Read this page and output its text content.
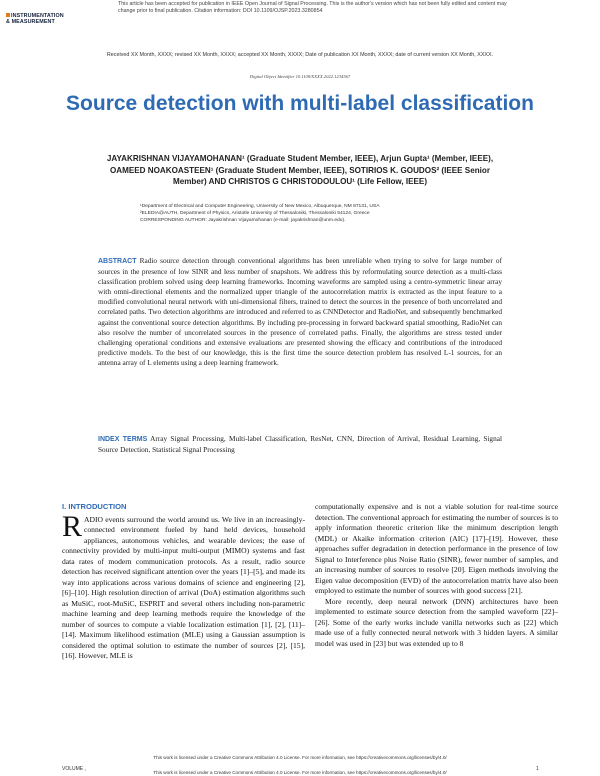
INSTRUMENTATION
& MEASUREMENT
This article has been accepted for publication in IEEE Open Journal of Signal Processing. This is the author's version which has not been fully edited and content may change prior to final publication. Citation information: DOI 10.1109/OJSP.2023.3280854
Received XX Month, XXXX; revised XX Month, XXXX; accepted XX Month, XXXX; Date of publication XX Month, XXXX; date of current version XX Month, XXXX.
Digital Object Identifier 10.1109/XXXX.2022.1234567
Source detection with multi-label classification
JAYAKRISHNAN VIJAYAMOHANAN¹ (Graduate Student Member, IEEE), Arjun Gupta¹ (Member, IEEE), OAMEED NOAKOASTEEN¹ (Graduate Student Member, IEEE), SOTIRIOS K. GOUDOS² (IEEE Senior Member) AND CHRISTOS G CHRISTODOULOU¹ (Life Fellow, IEEE)
¹Department of Electrical and Computer Engineering, University of New Mexico, Albuquerque, NM 87131, USA
²ELEDIA@AUTH, Department of Physics, Aristotle University of Thessaloniki, Thessaloniki 54124, Greece
CORRESPONDING AUTHOR: Jayakrishnan Vijayamohanan (e-mail: jayakrishnan@unm.edu).
ABSTRACT Radio source detection through conventional algorithms has been unreliable when trying to solve for large number of sources in the presence of low SINR and less number of snapshots. We address this by reformulating source detection as a multi-class classification problem solved using deep learning frameworks. Incoming waveforms are sampled using a centro-symmetric linear array with omni-directional elements and the normalized upper triangle of the autocorrelation matrix is extracted as the input feature to a modified convolutional neural network with uni-dimensional filters, trained to detect the sources in the presence of both uncorrelated and correlated paths. Two detection algorithms are introduced and referred to as CNNDetector and RadioNet, and subsequently benchmarked against the conventional source detection algorithms. By including pre-processing in forward backward spatial smoothing, RadioNet can also resolve the number of uncorrelated sources in the presence of correlated paths. Finally, the algorithms are stress tested under challenging operational conditions and extensive evaluations are presented showing the efficacy and contributions of the introduced predictive models. To the best of our knowledge, this is the first time the source detection problem has resolved L-1 sources, for an antenna array of L elements using a deep learning framework.
INDEX TERMS Array Signal Processing, Multi-label Classification, ResNet, CNN, Direction of Arrival, Residual Learning, Signal Source Detection, Statistical Signal Processing
I. INTRODUCTION

RADIO events surround the world around us. We live in an increasingly-connected environment fueled by hand held devices, household appliances, autonomous vehicles, and wearable devices; the ease of connectivity provided by multi-input multi-output (MIMO) systems and fast data rates of modern communication protocols. As a result, radio source detection has received significant attention over the years [1]–[5], and made its way into applications across various domains of science and engineering [2], [6]–[10]. High resolution direction of arrival (DoA) estimation algorithms such as MuSiC, root-MuSiC, ESPRIT and several others including non-parametric machine learning and deep learning methods require the knowledge of the number of sources to compute a viable localization estimation [1], [2], [11]–[14]. Maximum likelihood estimation (MLE) using a Gaussian assumption is considered the optimal solution to estimate the number of sources [2], [15], [16]. However, MLE is

computationally expensive and is not a viable solution for real-time source detection. The conventional approach for estimating the number of sources is to apply information theoretic criterion like the minimum description length (MDL) or Akaike information criterion (AIC) [17]–[19]. However, these approaches suffer degradation in detection performance in the presence of low Signal to Interference plus Noise Ratio (SINR), fewer number of samples, and an increasing number of sources to resolve [20]. Eigen methods involving the Eigen value decomposition (EVD) of the autocorrelation matrix have also been employed to estimate the number of sources with good success [21].

More recently, deep neural network (DNN) architectures have been implemented to estimate source detection from the sampled waveform [22]–[26]. Some of the early works include vanilla networks such as [22] which made use of a fully connected neural network with 3 hidden layers. A similar model was used in [23] but was extended up to 8

This work is licensed under a Creative Commons Attribution 4.0 License. For more information, see https://creativecommons.org/licenses/by/4.0/
VOLUME ,	1
This work is licensed under a Creative Commons Attribution 4.0 License. For more information, see https://creativecommons.org/licenses/by/4.0/
